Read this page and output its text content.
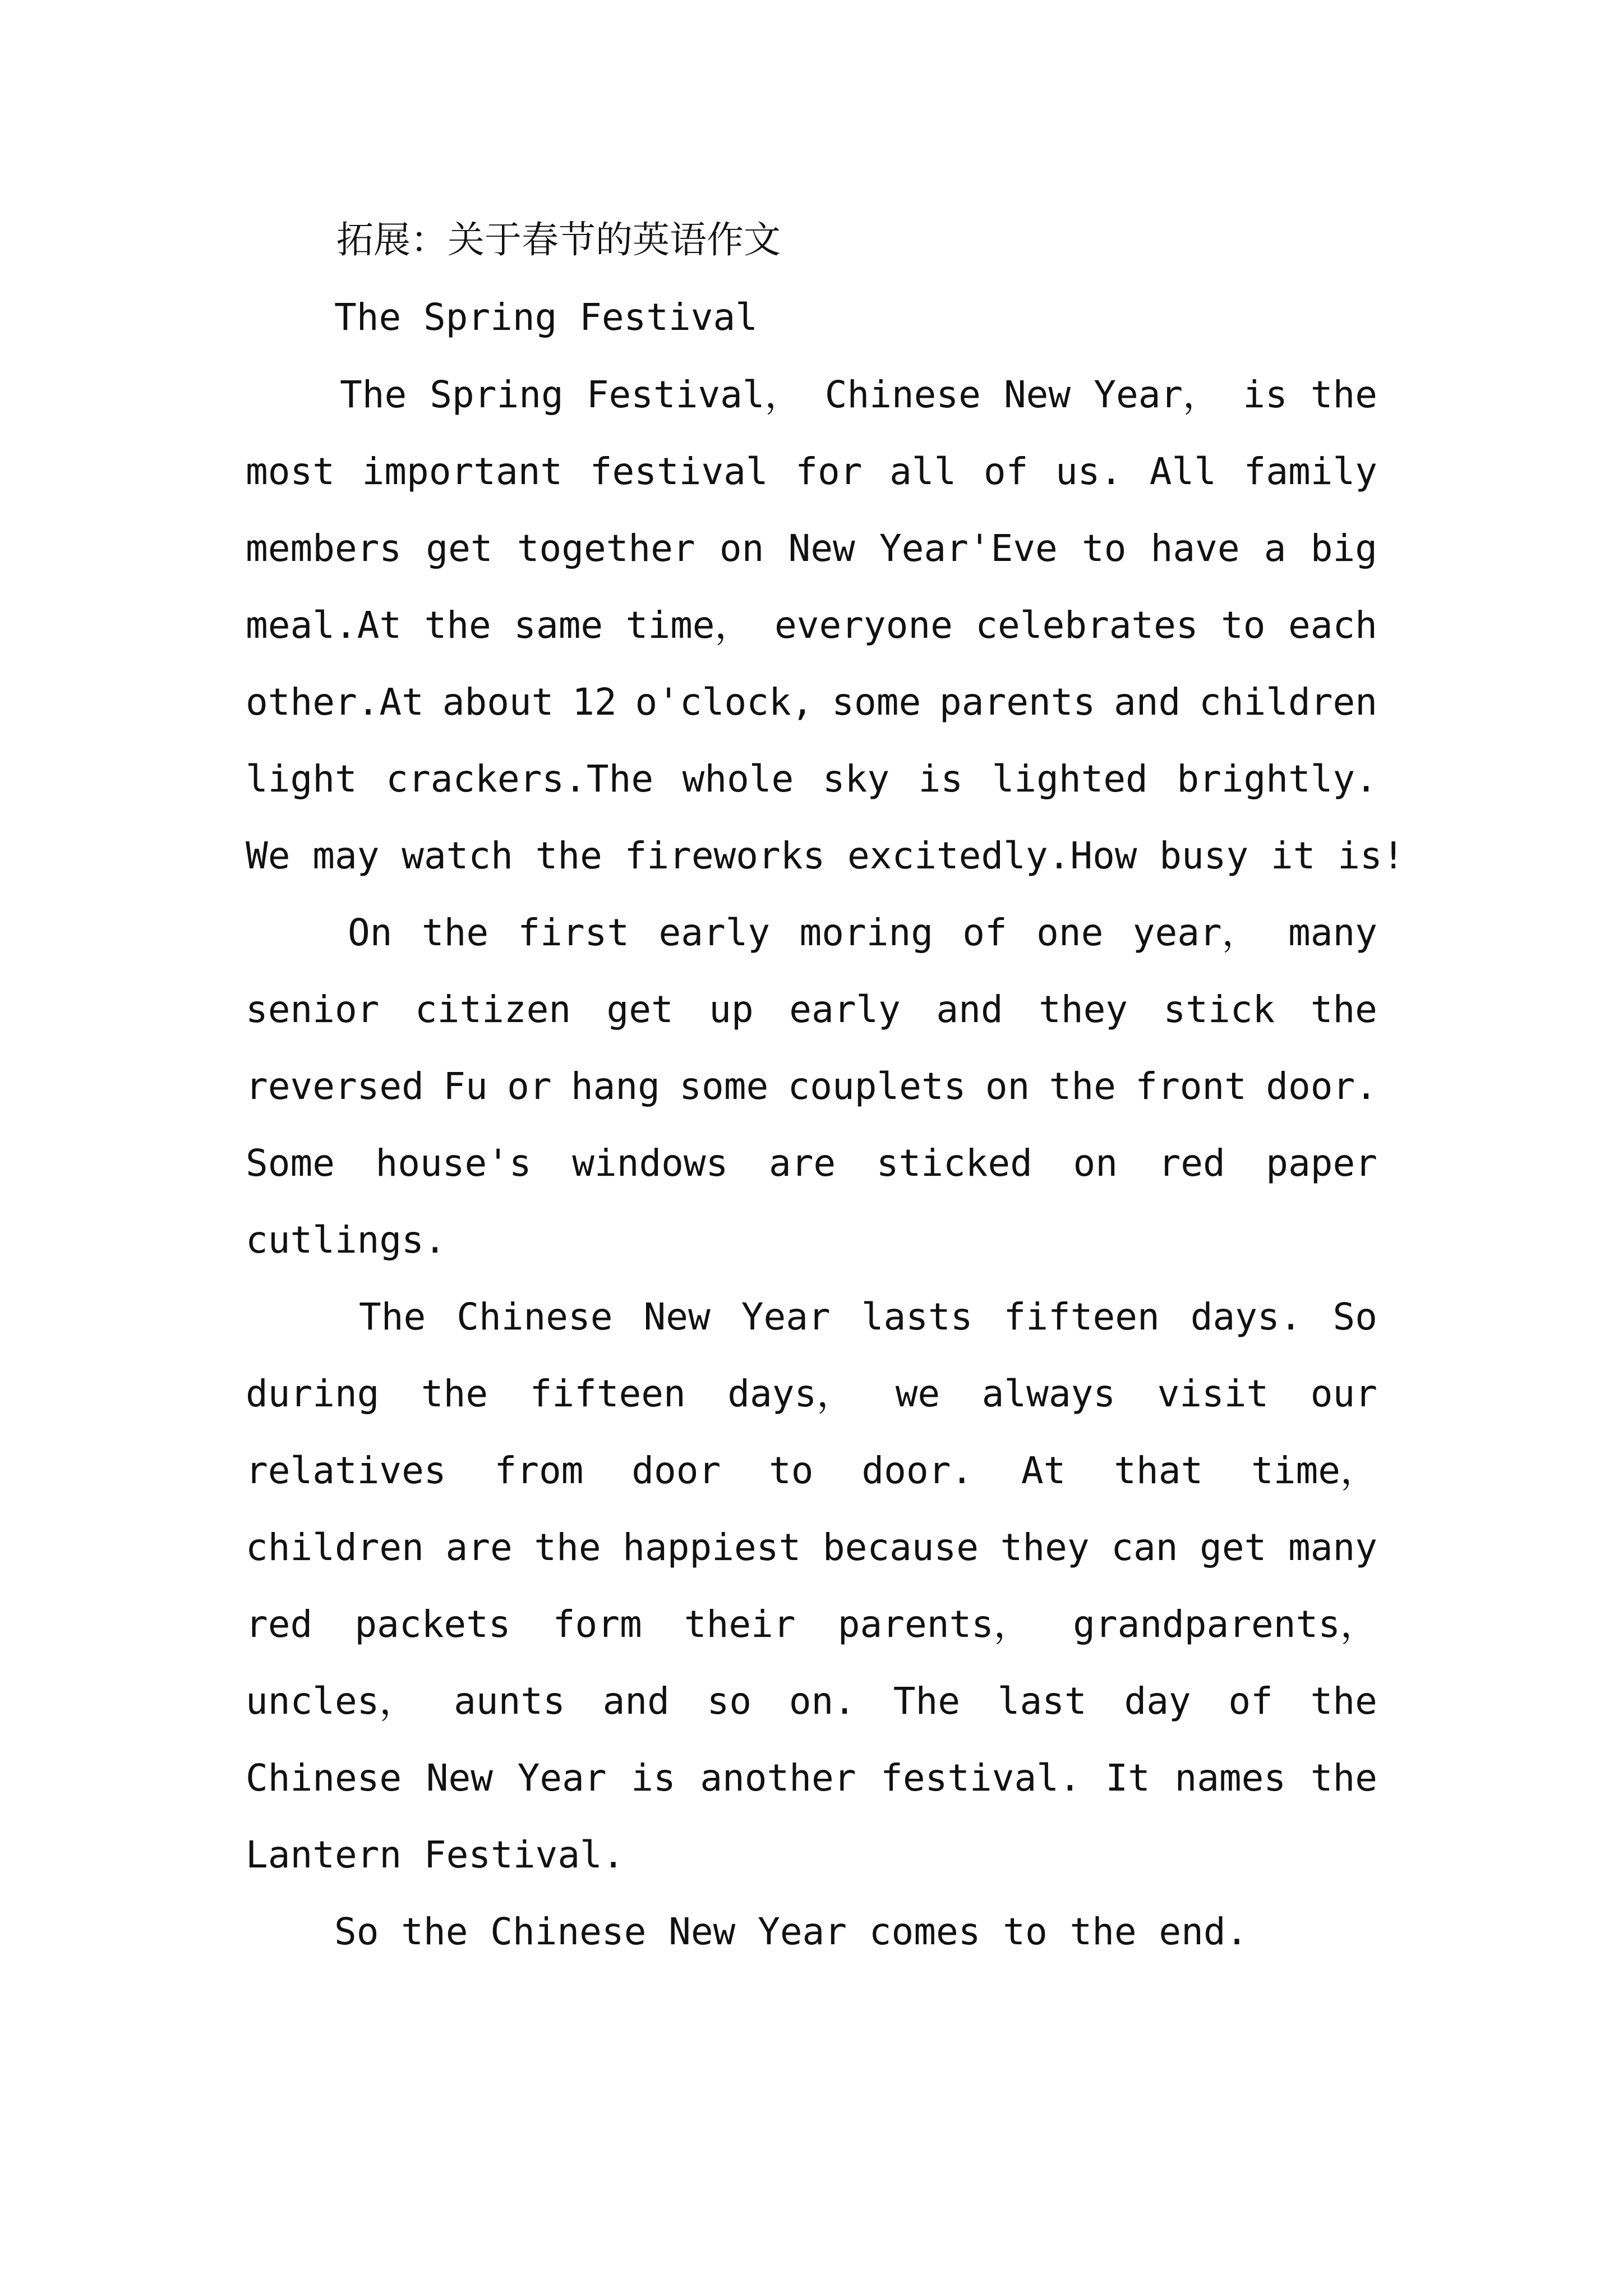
拓展：关于春节的英语作文
The Spring Festival
The Spring Festival， Chinese New Year， is the
most important festival for all of us. All family
members get together on New Year'Eve to have a big
meal.At the same time， everyone celebrates to each
other.At about 12 o'clock, some parents and children
light crackers.The whole sky is lighted brightly.
We may watch the fireworks excitedly.How busy it is!
On the first early moring of one year， many
senior citizen get up early and they stick the
reversed Fu or hang some couplets on the front door.
Some house's windows are sticked on red paper
cutlings.
The Chinese New Year lasts fifteen days. So
during the fifteen days， we always visit our
relatives from door to door. At that time，
children are the happiest because they can get many
red packets form their parents， grandparents，
uncles， aunts and so on. The last day of the
Chinese New Year is another festival. It names the
Lantern Festival.
So the Chinese New Year comes to the end.
